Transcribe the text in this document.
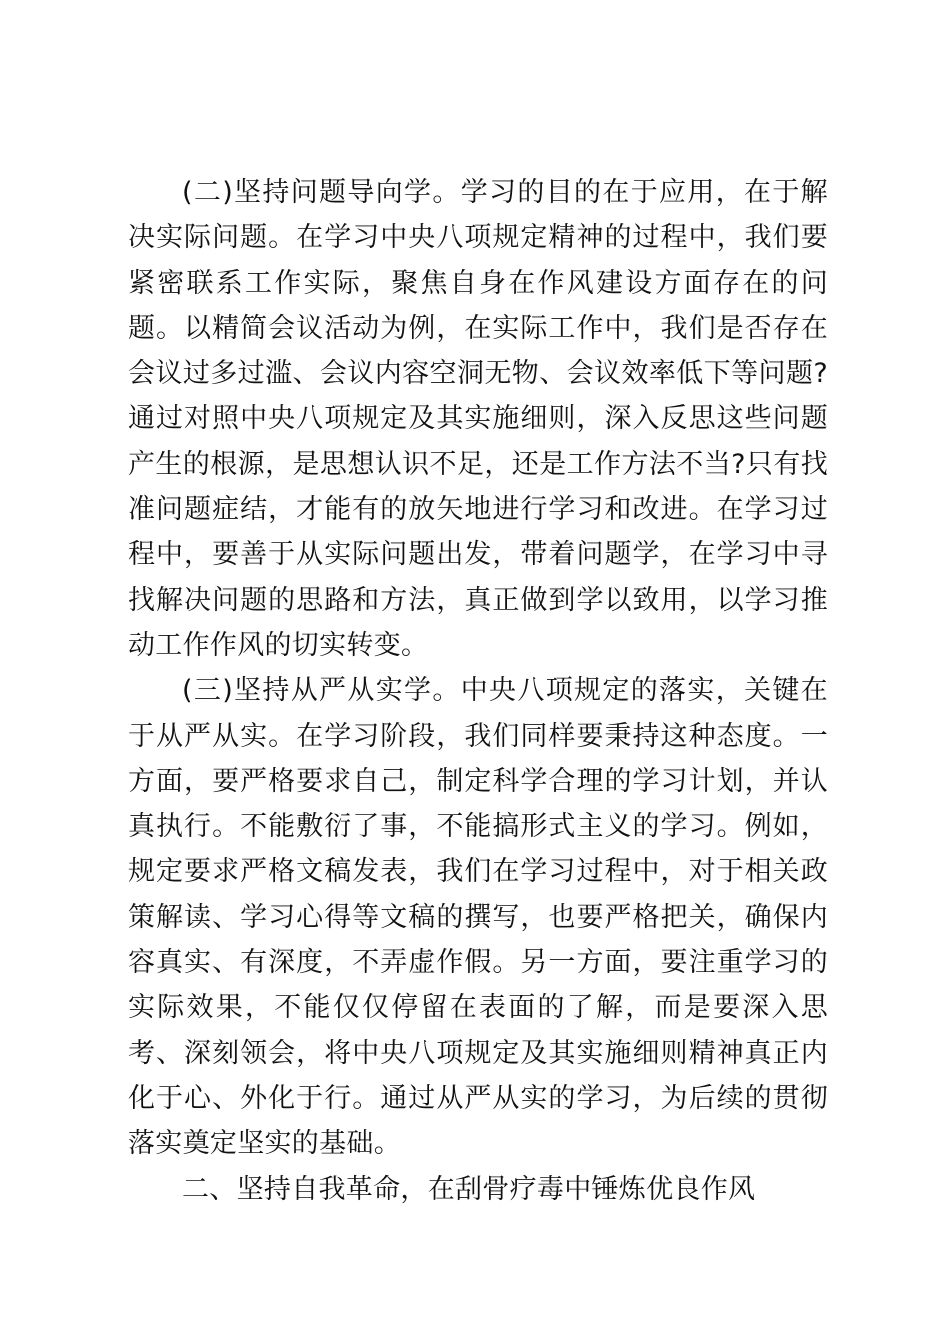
(二)坚持问题导向学。学习的目的在于应用，在于解决实际问题。在学习中央八项规定精神的过程中，我们要紧密联系工作实际，聚焦自身在作风建设方面存在的问题。以精简会议活动为例，在实际工作中，我们是否存在会议过多过滥、会议内容空洞无物、会议效率低下等问题?通过对照中央八项规定及其实施细则，深入反思这些问题产生的根源，是思想认识不足，还是工作方法不当?只有找准问题症结，才能有的放矢地进行学习和改进。在学习过程中，要善于从实际问题出发，带着问题学，在学习中寻找解决问题的思路和方法，真正做到学以致用，以学习推动工作作风的切实转变。

(三)坚持从严从实学。中央八项规定的落实，关键在于从严从实。在学习阶段，我们同样要秉持这种态度。一方面，要严格要求自己，制定科学合理的学习计划，并认真执行。不能敷衍了事，不能搞形式主义的学习。例如，规定要求严格文稿发表，我们在学习过程中，对于相关政策解读、学习心得等文稿的撰写，也要严格把关，确保内容真实、有深度，不弄虚作假。另一方面，要注重学习的实际效果，不能仅仅停留在表面的了解，而是要深入思考、深刻领会，将中央八项规定及其实施细则精神真正内化于心、外化于行。通过从严从实的学习，为后续的贯彻落实奠定坚实的基础。

二、坚持自我革命，在刮骨疗毒中锤炼优良作风
